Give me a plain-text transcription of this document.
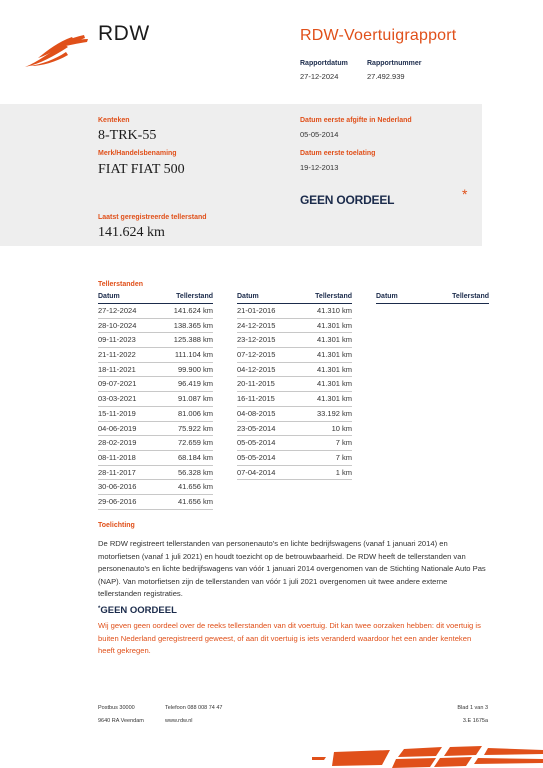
RDW	RDW-Voertuigrapport
Rapportdatum	Rapportnummer
27-12-2024	27.492.939
Kenteken
8-TRK-55
Merk/Handelsbenaming
FIAT FIAT 500
Laatst geregistreerde tellerstand
141.624 km
Datum eerste afgifte in Nederland
05-05-2014
Datum eerste toelating
19-12-2013
GEEN OORDEEL	*
Tellerstanden
Datum	Tellerstand
27-12-2024	141.624 km
28-10-2024	138.365 km
09-11-2023	125.388 km
21-11-2022	111.104 km
18-11-2021	99.900 km
09-07-2021	96.419 km
03-03-2021	91.087 km
15-11-2019	81.006 km
04-06-2019	75.922 km
28-02-2019	72.659 km
08-11-2018	68.184 km
28-11-2017	56.328 km
30-06-2016	41.656 km
29-06-2016	41.656 km
Datum	Tellerstand
21-01-2016	41.310 km
24-12-2015	41.301 km
23-12-2015	41.301 km
07-12-2015	41.301 km
04-12-2015	41.301 km
20-11-2015	41.301 km
16-11-2015	41.301 km
04-08-2015	33.192 km
23-05-2014	10 km
05-05-2014	7 km
05-05-2014	7 km
07-04-2014	1 km
Datum	Tellerstand
Toelichting
De RDW registreert tellerstanden van personenauto's en lichte bedrijfswagens (vanaf 1 januari 2014) en motorfietsen (vanaf 1 juli 2021) en houdt toezicht op de betrouwbaarheid. De RDW heeft de tellerstanden van personenauto's en lichte bedrijfswagens van vóór 1 januari 2014 overgenomen van de Stichting Nationale Auto Pas (NAP). Van motorfietsen zijn de tellerstanden van vóór 1 juli 2021 overgenomen uit twee andere externe tellerstanden registraties.
*GEEN OORDEEL
Wij geven geen oordeel over de reeks tellerstanden van dit voertuig. Dit kan twee oorzaken hebben: dit voertuig is buiten Nederland geregistreerd geweest, of aan dit voertuig is iets veranderd waardoor het een ander kenteken heeft gekregen.
Postbus 30000
9640 RA Veendam
Telefoon 088 008 74 47
www.rdw.nl
Blad 1 van 3
3.E 1675a
